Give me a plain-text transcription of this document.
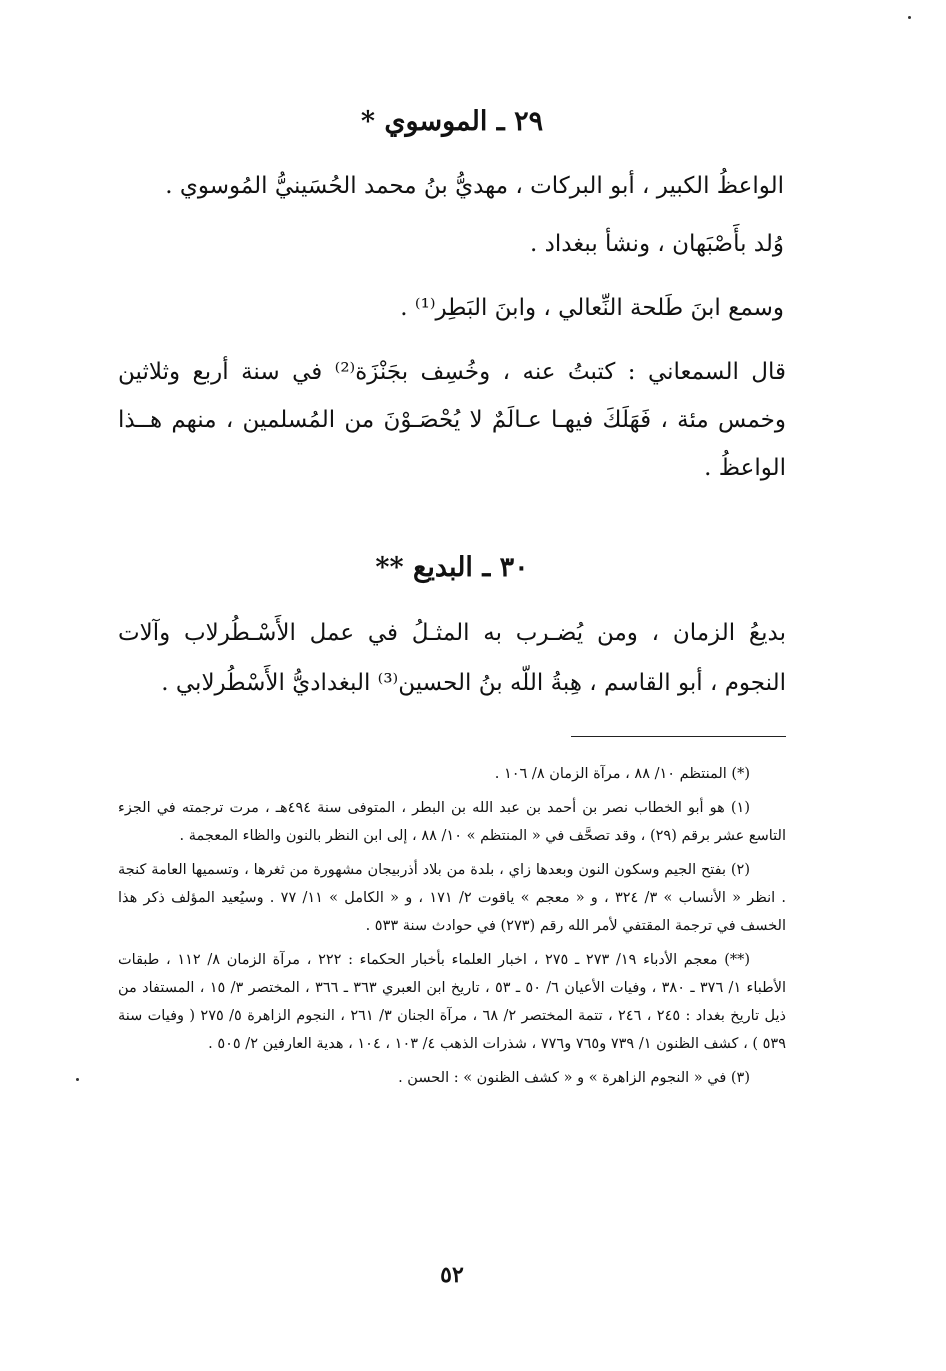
٢٩ ـ الموسوي *

الواعظُ الكبير ، أبو البركات ، مهديُّ بنُ محمد الحُسَينيُّ المُوسوي .

وُلد بأَصْبَهان ، ونشأ ببغداد .

وسمع ابنَ طَلحة النِّعالي ، وابنَ البَطِر⁽¹⁾ .

قال السمعاني : كتبتُ عنه ، وخُسِف بجَنْزَة⁽²⁾ في سنة أربع وثلاثين وخمس مئة ، فَهَلَكَ فيهـا عـالَمٌ لا يُحْصَـوْنَ من المُسلمين ، منهم هــذا الواعظُ .

٣٠ ـ البديع **

بديعُ الزمان ، ومن يُضـرب به المثـلُ في عمل الأَسْـطُرلاب وآلات النجوم ، أبو القاسم ، هِبةُ اللّه بنُ الحسين⁽³⁾ البغداديُّ الأَسْطُرلابي .

(*) المنتظم ١٠/ ٨٨ ، مرآة الزمان ٨/ ١٠٦ .

(١) هو أبو الخطاب نصر بن أحمد بن عبد الله بن البطر ، المتوفى سنة ٤٩٤هـ ، مرت ترجمته في الجزء التاسع عشر برقم (٢٩) ، وقد تصحَّف في « المنتظم » ١٠/ ٨٨ ، إلى ابن النظر بالنون والظاء المعجمة .

(٢) بفتح الجيم وسكون النون وبعدها زاي ، بلدة من بلاد أذربيجان مشهورة من ثغرها ، وتسميها العامة كنجة . انظر « الأنساب » ٣/ ٣٢٤ ، و « معجم » ياقوت ٢/ ١٧١ ، و « الكامل » ١١/ ٧٧ . وسيُعيد المؤلف ذكر هذا الخسف في ترجمة المقتفي لأمر الله رقم (٢٧٣) في حوادث سنة ٥٣٣ .

(**) معجم الأدباء ١٩/ ٢٧٣ ـ ٢٧٥ ، اخبار العلماء بأخبار الحكماء : ٢٢٢ ، مرآة الزمان ٨/ ١١٢ ، طبقات الأطباء ١/ ٣٧٦ ـ ٣٨٠ ، وفيات الأعيان ٦/ ٥٠ ـ ٥٣ ، تاريخ ابن العبري ٣٦٣ ـ ٣٦٦ ، المختصر ٣/ ١٥ ، المستفاد من ذيل تاريخ بغداد : ٢٤٥ ، ٢٤٦ ، تتمة المختصر ٢/ ٦٨ ، مرآة الجنان ٣/ ٢٦١ ، النجوم الزاهرة ٥/ ٢٧٥ ( وفيات سنة ٥٣٩ ) ، كشف الظنون ١/ ٧٣٩ و٧٦٥ و٧٧٦ ، شذرات الذهب ٤/ ١٠٣ ، ١٠٤ ، هدية العارفين ٢/ ٥٠٥ .

(٣) في « النجوم الزاهرة » و « كشف الظنون » : الحسن .

٥٢
